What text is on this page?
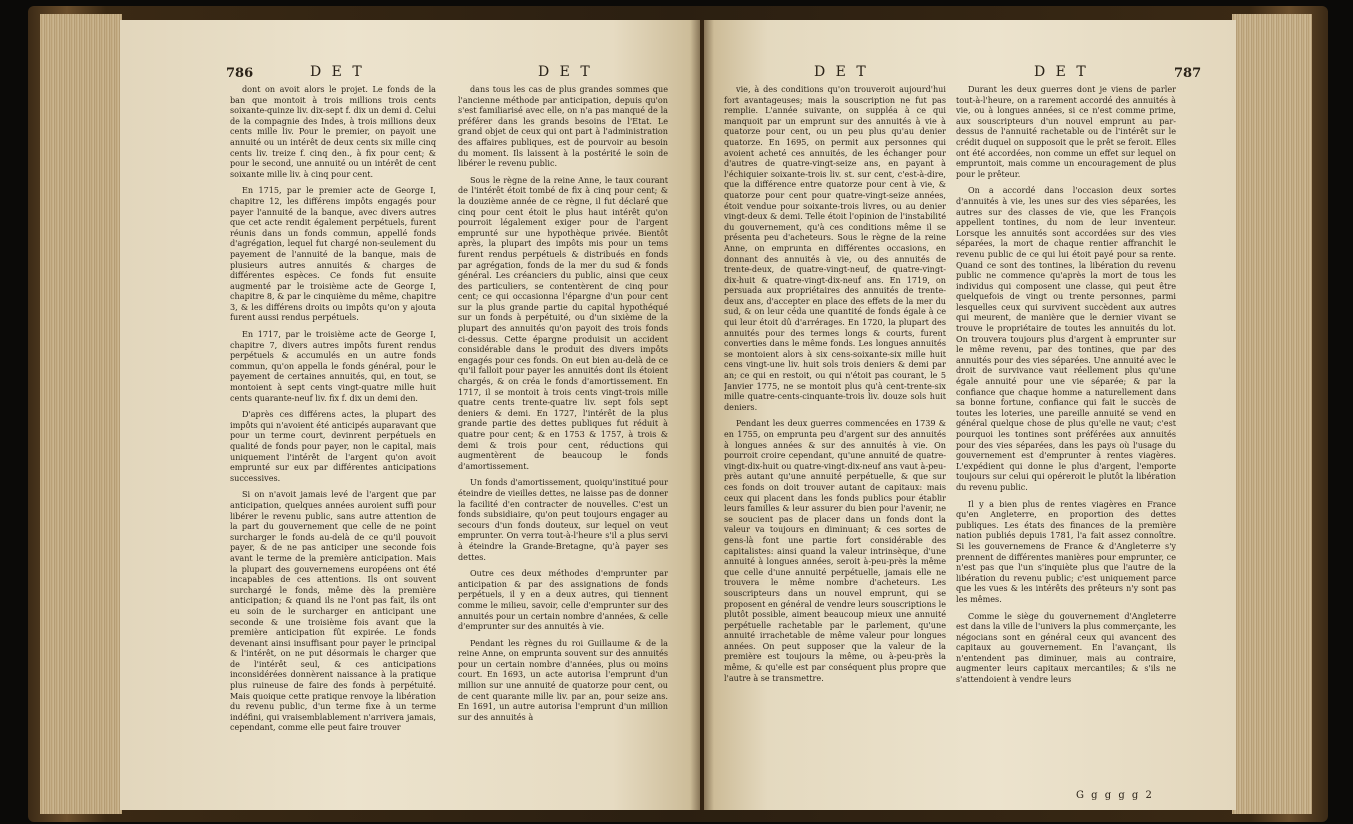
786	D E T	D E T

dont on avoit alors le projet. Le fonds de la ban que montoit à trois millions trois cents soixante-quinze liv. dix-sept f. dix un demi d. Celui de la compagnie des Indes, à trois millions deux cents mille liv. Pour le premier, on payoit une annuité ou un intérêt de deux cents six mille cinq cents liv. treize f. cinq den., à fix pour cent; & pour le second, une annuité ou un intérêt de cent soixante mille liv. à cinq pour cent.

En 1715, par le premier acte de George I, chapitre 12, les différens impôts engagés pour payer l'annuité de la banque, avec divers autres que cet acte rendit également perpétuels, furent réunis dans un fonds commun, appellé fonds d'agrégation, lequel fut chargé non-seulement du payement de l'annuité de la banque, mais de plusieurs autres annuités & charges de différentes espèces. Ce fonds fut ensuite augmenté par le troisième acte de George I, chapitre 8, & par le cinquième du même, chapitre 3, & les différens droits ou impôts qu'on y ajouta furent aussi rendus perpétuels.

En 1717, par le troisième acte de George I, chapitre 7, divers autres impôts furent rendus perpétuels & accumulés en un autre fonds commun, qu'on appella le fonds général, pour le payement de certaines annuités, qui, en tout, se montoient à sept cents vingt-quatre mille huit cents quarante-neuf liv. fix f. dix un demi den.

D'après ces différens actes, la plupart des impôts qui n'avoient été anticipés auparavant que pour un terme court, devinrent perpétuels en qualité de fonds pour payer, non le capital, mais uniquement l'intérêt de l'argent qu'on avoit emprunté sur eux par différentes anticipations successives.

Si on n'avoit jamais levé de l'argent que par anticipation, quelques années auroient suffi pour libérer le revenu public, sans autre attention de la part du gouvernement que celle de ne point surcharger le fonds au-delà de ce qu'il pouvoit payer, & de ne pas anticiper une seconde fois avant le terme de la première anticipation. Mais la plupart des gouvernemens européens ont été incapables de ces attentions. Ils ont souvent surchargé le fonds, même dès la première anticipation; & quand ils ne l'ont pas fait, ils ont eu soin de le surcharger en anticipant une seconde & une troisième fois avant que la première anticipation fût expirée. Le fonds devenant ainsi insuffisant pour payer le principal & l'intérêt, on ne put désormais le charger que de l'intérêt seul, & ces anticipations inconsidérées donnèrent naissance à la pratique plus ruineuse de faire des fonds à perpétuité. Mais quoique cette pratique renvoye la libération du revenu public, d'un terme fixe à un terme indéfini, qui vraisemblablement n'arrivera jamais, cependant, comme elle peut faire trouver

dans tous les cas de plus grandes sommes que l'ancienne méthode par anticipation, depuis qu'on s'est familiarisé avec elle, on n'a pas manqué de la préférer dans les grands besoins de l'Etat. Le grand objet de ceux qui ont part à l'administration des affaires publiques, est de pourvoir au besoin du moment. Ils laissent à la postérité le soin de libérer le revenu public.

Sous le règne de la reine Anne, le taux courant de l'intérêt étoit tombé de fix à cinq pour cent; & la douzième année de ce règne, il fut déclaré que cinq pour cent étoit le plus haut intérêt qu'on pourroit légalement exiger pour de l'argent emprunté sur une hypothèque privée. Bientôt après, la plupart des impôts mis pour un tems furent rendus perpétuels & distribués en fonds par agrégation, fonds de la mer du sud & fonds général. Les créanciers du public, ainsi que ceux des particuliers, se contentèrent de cinq pour cent; ce qui occasionna l'épargne d'un pour cent sur la plus grande partie du capital hypothéqué sur un fonds à perpétuité, ou d'un sixième de la plupart des annuités qu'on payoit des trois fonds ci-dessus. Cette épargne produisit un accident considérable dans le produit des divers impôts engagés pour ces fonds. On eut bien au-delà de ce qu'il falloit pour payer les annuités dont ils étoient chargés, & on créa le fonds d'amortissement. En 1717, il se montoit à trois cents vingt-trois mille quatre cents trente-quatre liv. sept fols sept deniers & demi. En 1727, l'intérêt de la plus grande partie des dettes publiques fut réduit à quatre pour cent; & en 1753 & 1757, à trois & demi & trois pour cent, réductions qui augmentèrent de beaucoup le fonds d'amortissement.

Un fonds d'amortissement, quoiqu'institué pour éteindre de vieilles dettes, ne laisse pas de donner la facilité d'en contracter de nouvelles. C'est un fonds subsidiaire, qu'on peut toujours engager au secours d'un fonds douteux, sur lequel on veut emprunter. On verra tout-à-l'heure s'il a plus servi à éteindre la Grande-Bretagne, qu'à payer ses dettes.

Outre ces deux méthodes d'emprunter par anticipation & par des assignations de fonds perpétuels, il y en a deux autres, qui tiennent comme le milieu, savoir, celle d'emprunter sur des annuités pour un certain nombre d'années, & celle d'emprunter sur des annuités à vie.

Pendant les règnes du roi Guillaume & de la reine Anne, on emprunta souvent sur des annuités pour un certain nombre d'années, plus ou moins court. En 1693, un acte autorisa l'emprunt d'un million sur une annuité de quatorze pour cent, ou de cent quarante mille liv. par an, pour seize ans. En 1691, un autre autorisa l'emprunt d'un million sur des annuités à

D E T	D E T	787

vie, à des conditions qu'on trouveroit aujourd'hui fort avantageuses; mais la souscription ne fut pas remplie. L'année suivante, on suppléa à ce qui manquoit par un emprunt sur des annuités à vie à quatorze pour cent, ou un peu plus qu'au denier quatorze. En 1695, on permit aux personnes qui avoient acheté ces annuités, de les échanger pour d'autres de quatre-vingt-seize ans, en payant à l'échiquier soixante-trois liv. st. sur cent, c'est-à-dire, que la différence entre quatorze pour cent à vie, & quatorze pour cent pour quatre-vingt-seize années, étoit vendue pour soixante-trois livres, ou au denier vingt-deux & demi. Telle étoit l'opinion de l'instabilité du gouvernement, qu'à ces conditions même il se présenta peu d'acheteurs. Sous le règne de la reine Anne, on emprunta en différentes occasions, en donnant des annuités à vie, ou des annuités de trente-deux, de quatre-vingt-neuf, de quatre-vingt-dix-huit & quatre-vingt-dix-neuf ans. En 1719, on persuada aux propriétaires des annuités de trente-deux ans, d'accepter en place des effets de la mer du sud, & on leur céda une quantité de fonds égale à ce qui leur étoit dû d'arrérages. En 1720, la plupart des annuités pour des termes longs & courts, furent converties dans le même fonds. Les longues annuités se montoient alors à six cens-soixante-six mille huit cens vingt-une liv. huit sols trois deniers & demi par an; ce qui en restoit, ou qui n'étoit pas courant, le 5 Janvier 1775, ne se montoit plus qu'à cent-trente-six mille quatre-cents-cinquante-trois liv. douze sols huit deniers.

Pendant les deux guerres commencées en 1739 & en 1755, on emprunta peu d'argent sur des annuités à longues années & sur des annuités à vie. On pourroit croire cependant, qu'une annuité de quatre-vingt-dix-huit ou quatre-vingt-dix-neuf ans vaut à-peu-près autant qu'une annuité perpétuelle, & que sur ces fonds on doit trouver autant de capitaux: mais ceux qui placent dans les fonds publics pour établir leurs familles & leur assurer du bien pour l'avenir, ne se soucient pas de placer dans un fonds dont la valeur va toujours en diminuant; & ces sortes de gens-là font une partie fort considérable des capitalistes: ainsi quand la valeur intrinsèque, d'une annuité à longues années, seroit à-peu-près la même que celle d'une annuité perpétuelle, jamais elle ne trouvera le même nombre d'acheteurs. Les souscripteurs dans un nouvel emprunt, qui se proposent en général de vendre leurs souscriptions le plutôt possible, aiment beaucoup mieux une annuité perpétuelle rachetable par le parlement, qu'une annuité irrachetable de même valeur pour longues années. On peut supposer que la valeur de la première est toujours la même, ou à-peu-près la même, & qu'elle est par conséquent plus propre que l'autre à se transmettre.

Durant les deux guerres dont je viens de parler tout-à-l'heure, on a rarement accordé des annuités à vie, ou à longues années, si ce n'est comme prime, aux souscripteurs d'un nouvel emprunt au par-dessus de l'annuité rachetable ou de l'intérêt sur le crédit duquel on supposoit que le prêt se feroit. Elles ont été accordées, non comme un effet sur lequel on empruntoit, mais comme un encouragement de plus pour le prêteur.

On a accordé dans l'occasion deux sortes d'annuités à vie, les unes sur des vies séparées, les autres sur des classes de vie, que les François appellent tontines, du nom de leur inventeur. Lorsque les annuités sont accordées sur des vies séparées, la mort de chaque rentier affranchit le revenu public de ce qui lui étoit payé pour sa rente. Quand ce sont des tontines, la libération du revenu public ne commence qu'après la mort de tous les individus qui composent une classe, qui peut être quelquefois de vingt ou trente personnes, parmi lesquelles ceux qui survivent succèdent aux autres qui meurent, de manière que le dernier vivant se trouve le propriétaire de toutes les annuités du lot. On trouvera toujours plus d'argent à emprunter sur le même revenu, par des tontines, que par des annuités pour des vies séparées. Une annuité avec le droit de survivance vaut réellement plus qu'une égale annuité pour une vie séparée; & par la confiance que chaque homme a naturellement dans sa bonne fortune, confiance qui fait le succès de toutes les loteries, une pareille annuité se vend en général quelque chose de plus qu'elle ne vaut; c'est pourquoi les tontines sont préférées aux annuités pour des vies séparées, dans les pays où l'usage du gouvernement est d'emprunter à rentes viagères. L'expédient qui donne le plus d'argent, l'emporte toujours sur celui qui opéreroit le plutôt la libération du revenu public.

Il y a bien plus de rentes viagères en France qu'en Angleterre, en proportion des dettes publiques. Les états des finances de la première nation publiés depuis 1781, l'a fait assez connoître. Si les gouvernemens de France & d'Angleterre s'y prennent de différentes manières pour emprunter, ce n'est pas que l'un s'inquiète plus que l'autre de la libération du revenu public; c'est uniquement parce que les vues & les intérêts des prêteurs n'y sont pas les mêmes.

Comme le siège du gouvernement d'Angleterre est dans la ville de l'univers la plus commerçante, les négocians sont en général ceux qui avancent des capitaux au gouvernement. En l'avançant, ils n'entendent pas diminuer, mais au contraire, augmenter leurs capitaux mercantiles; & s'ils ne s'attendoient à vendre leurs

G g g g g 2
